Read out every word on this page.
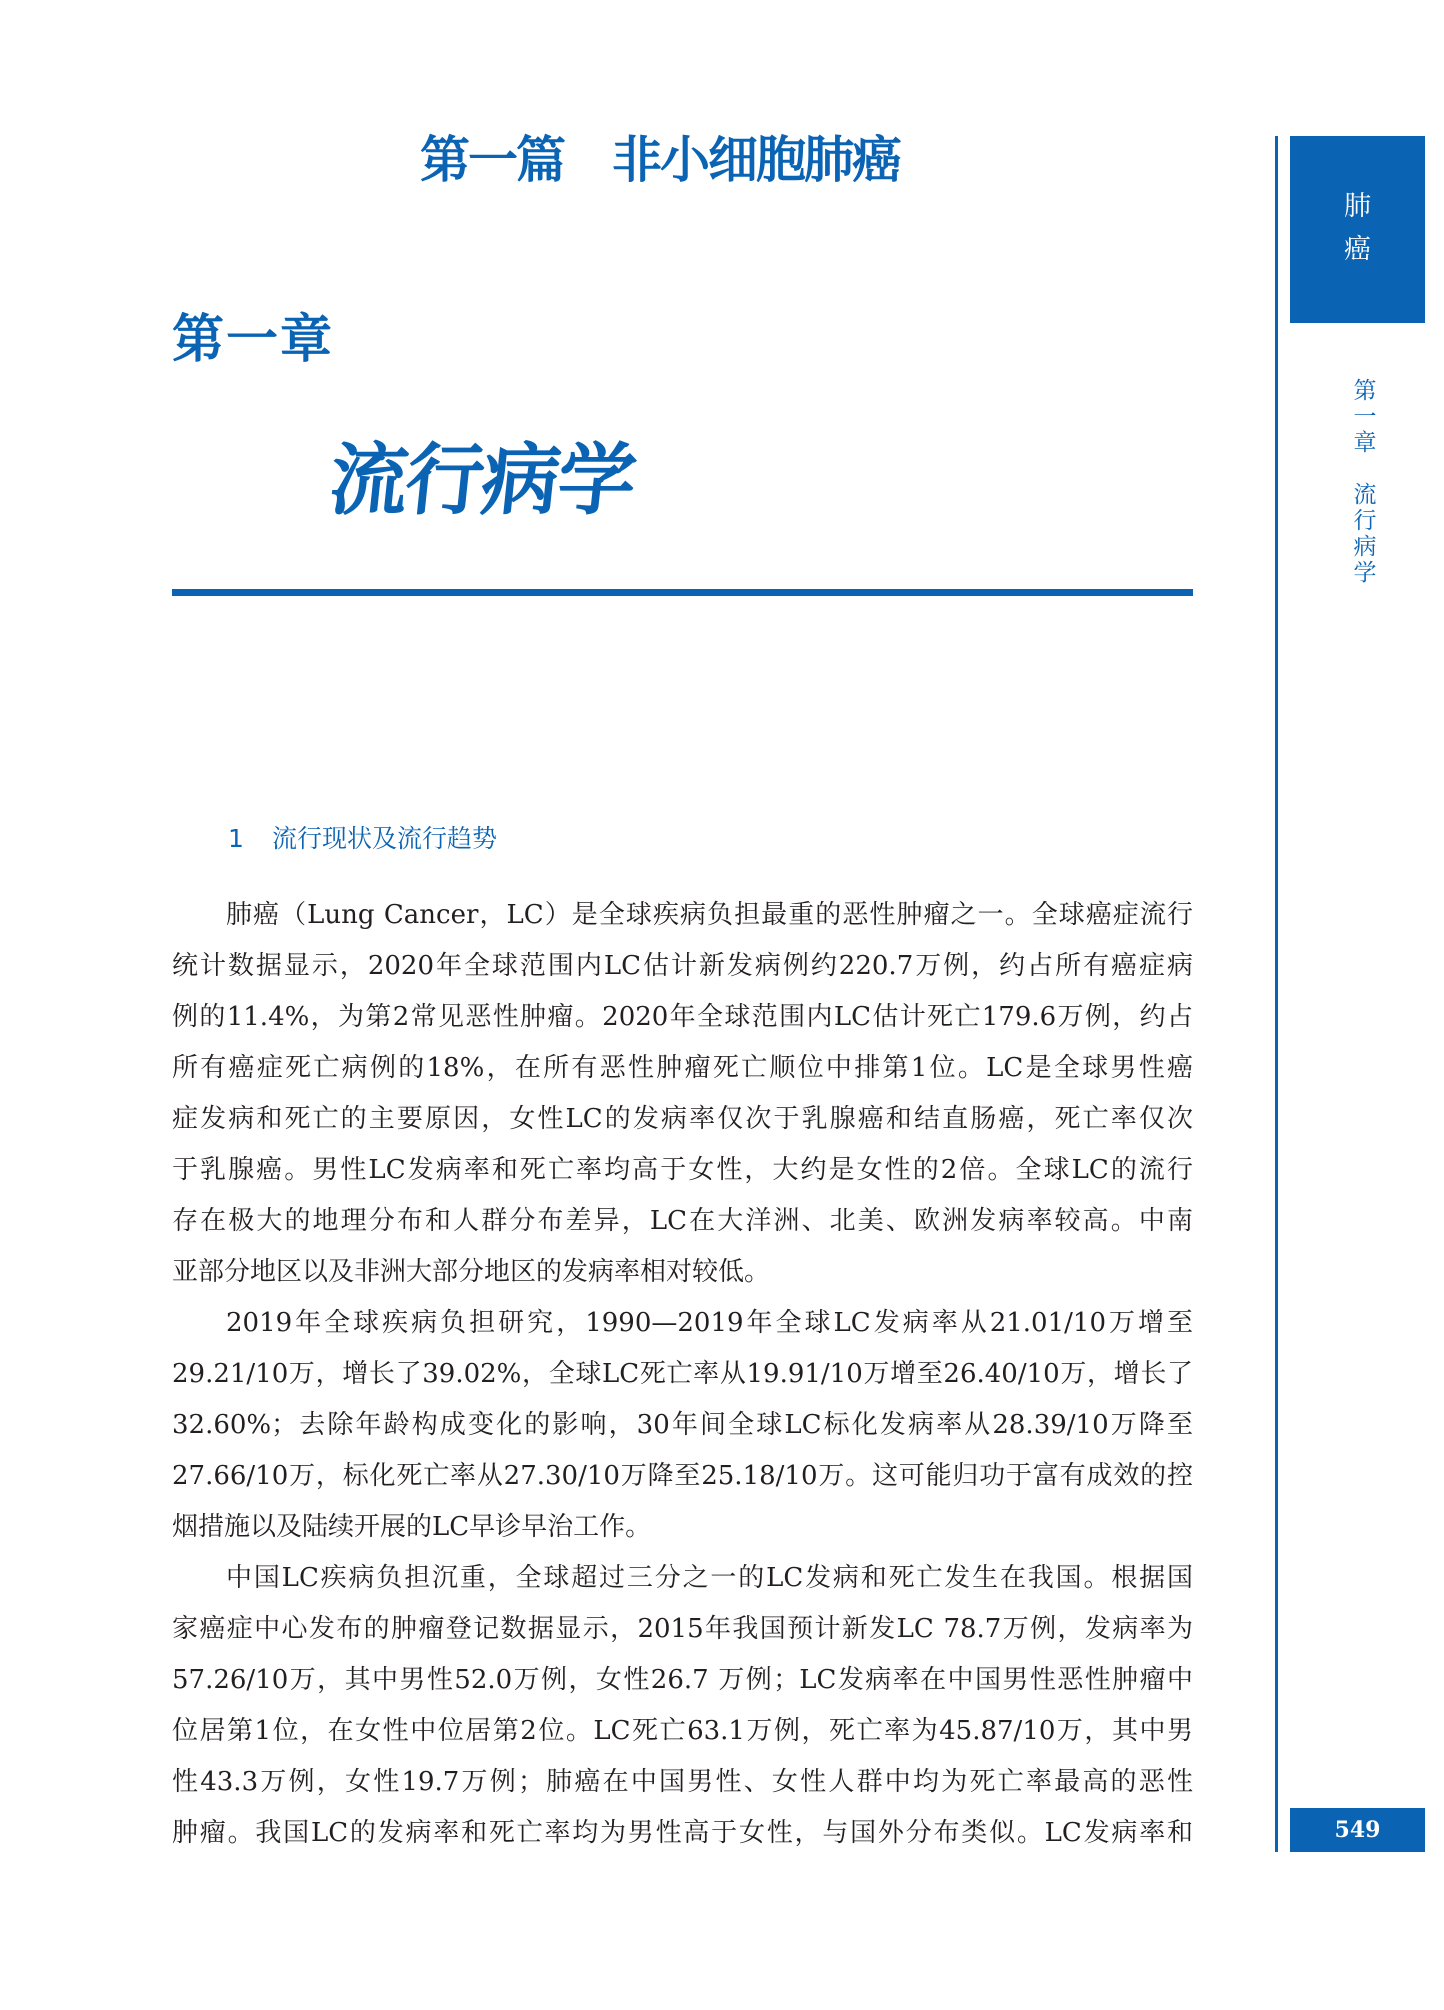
第一篇 非小细胞肺癌
第一章
流行病学
1 流行现状及流行趋势
肺癌（Lung Cancer，LC）是全球疾病负担最重的恶性肿瘤之一。全球癌症流行
统计数据显示，2020年全球范围内LC估计新发病例约220.7万例，约占所有癌症病
例的11.4%，为第2常见恶性肿瘤。2020年全球范围内LC估计死亡179.6万例，约占
所有癌症死亡病例的18%，在所有恶性肿瘤死亡顺位中排第1位。LC是全球男性癌
症发病和死亡的主要原因，女性LC的发病率仅次于乳腺癌和结直肠癌，死亡率仅次
于乳腺癌。男性LC发病率和死亡率均高于女性，大约是女性的2倍。全球LC的流行
存在极大的地理分布和人群分布差异，LC在大洋洲、北美、欧洲发病率较高。中南
亚部分地区以及非洲大部分地区的发病率相对较低。
2019年全球疾病负担研究，1990—2019年全球LC发病率从21.01/10万增至
29.21/10万，增长了39.02%，全球LC死亡率从19.91/10万增至26.40/10万，增长了
32.60%；去除年龄构成变化的影响，30年间全球LC标化发病率从28.39/10万降至
27.66/10万，标化死亡率从27.30/10万降至25.18/10万。这可能归功于富有成效的控
烟措施以及陆续开展的LC早诊早治工作。
中国LC疾病负担沉重，全球超过三分之一的LC发病和死亡发生在我国。根据国
家癌症中心发布的肿瘤登记数据显示，2015年我国预计新发LC 78.7万例，发病率为
57.26/10万，其中男性52.0万例，女性26.7 万例；LC发病率在中国男性恶性肿瘤中
位居第1位，在女性中位居第2位。LC死亡63.1万例，死亡率为45.87/10万，其中男
性43.3万例，女性19.7万例；肺癌在中国男性、女性人群中均为死亡率最高的恶性
肿瘤。我国LC的发病率和死亡率均为男性高于女性，与国外分布类似。LC发病率和
肺
癌
第
一
章
流
行
病
学
549
